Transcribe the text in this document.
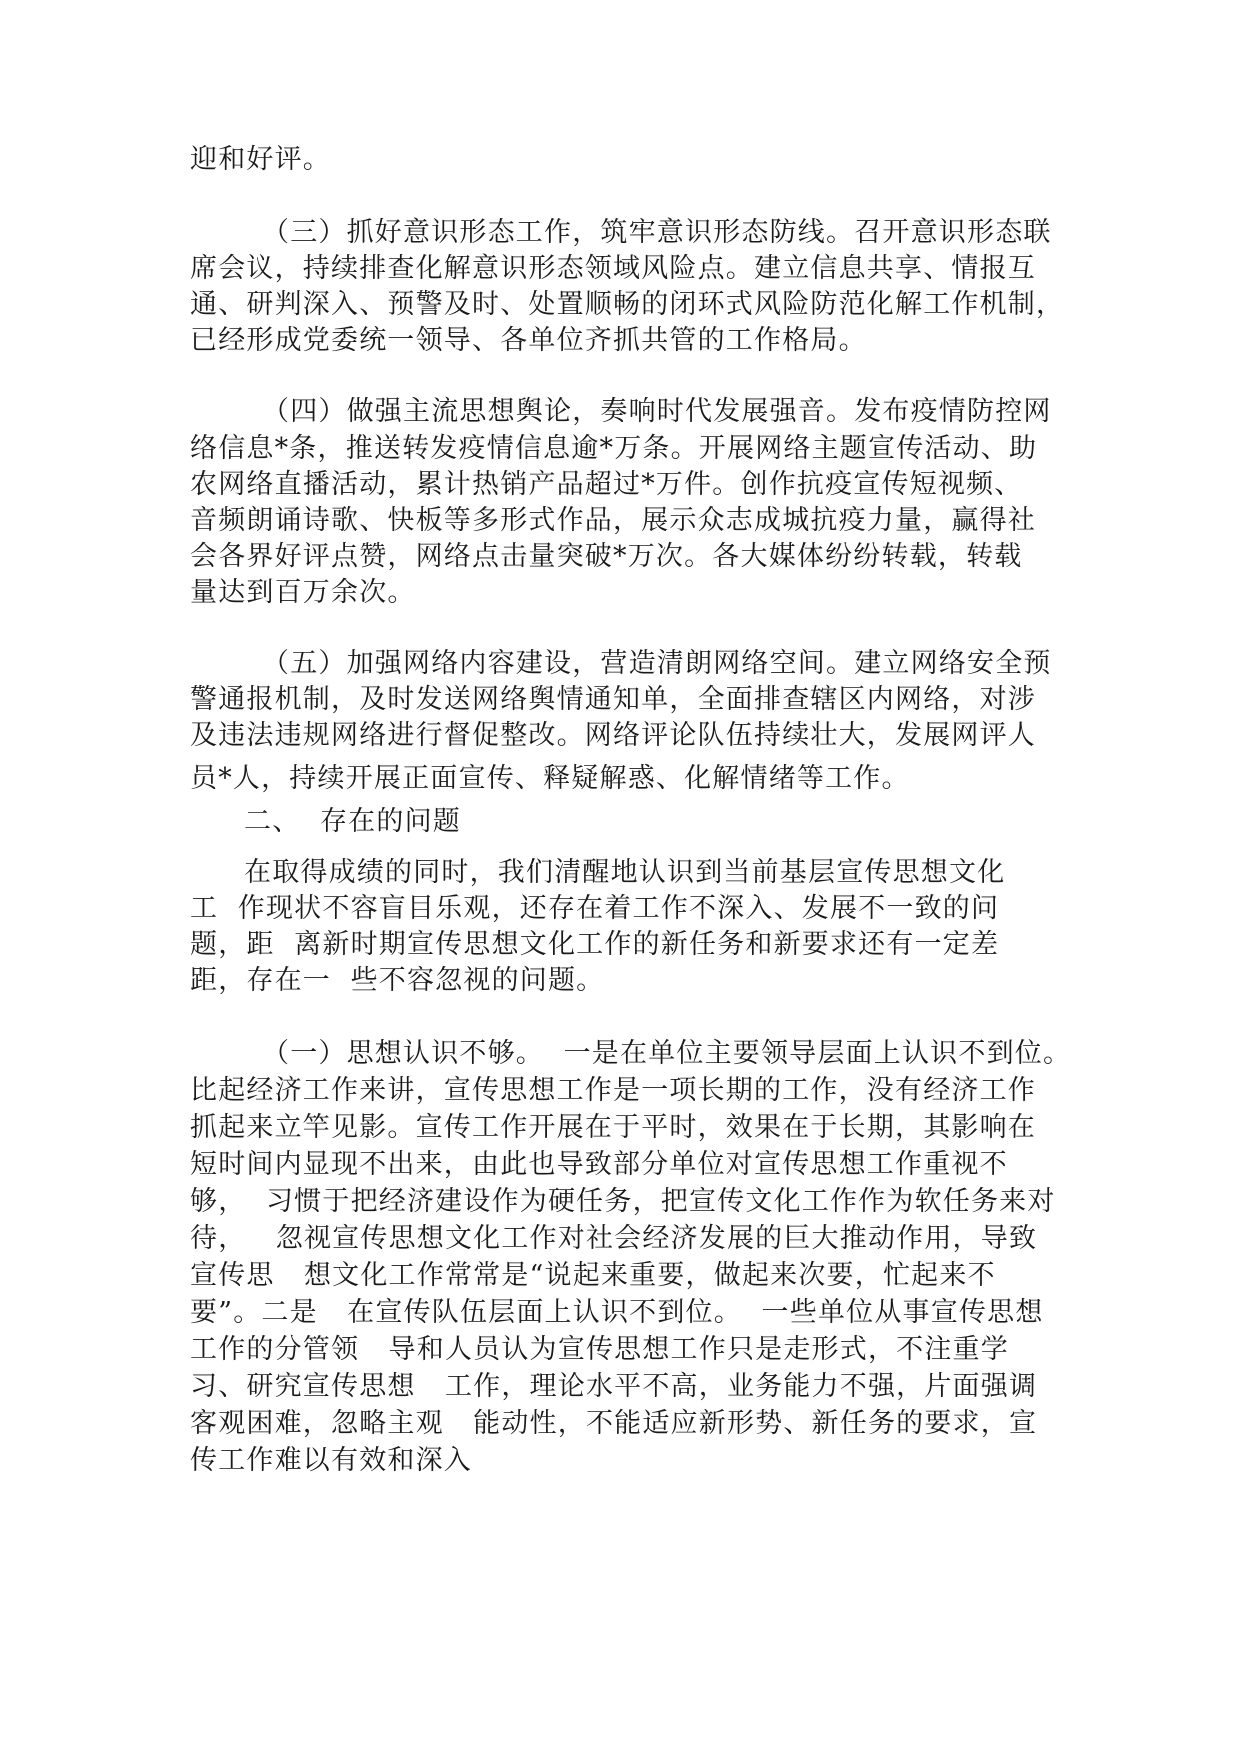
迎和好评。
（三）抓好意识形态工作，筑牢意识形态防线。召开意识形态联
席会议，持续排查化解意识形态领域风险点。建立信息共享、情报互
通、研判深入、预警及时、处置顺畅的闭环式风险防范化解工作机制，
已经形成党委统一领导、各单位齐抓共管的工作格局。
（四）做强主流思想舆论，奏响时代发展强音。发布疫情防控网
络信息*条，推送转发疫情信息逾*万条。开展网络主题宣传活动、助
农网络直播活动，累计热销产品超过*万件。创作抗疫宣传短视频、
音频朗诵诗歌、快板等多形式作品，展示众志成城抗疫力量，赢得社
会各界好评点赞，网络点击量突破*万次。各大媒体纷纷转载，转载
量达到百万余次。
（五）加强网络内容建设，营造清朗网络空间。建立网络安全预
警通报机制，及时发送网络舆情通知单，全面排查辖区内网络，对涉
及违法违规网络进行督促整改。网络评论队伍持续壮大，发展网评人
员*人，持续开展正面宣传、释疑解惑、化解情绪等工作。
二、  存在的问题
在取得成绩的同时，我们清醒地认识到当前基层宣传思想文化
工  作现状不容盲目乐观，还存在着工作不深入、发展不一致的问
题，距  离新时期宣传思想文化工作的新任务和新要求还有一定差
距，存在一  些不容忽视的问题。
（一）思想认识不够。  一是在单位主要领导层面上认识不到位。
比起经济工作来讲，宣传思想工作是一项长期的工作，没有经济工作
抓起来立竿见影。宣传工作开展在于平时，效果在于长期，其影响在
短时间内显现不出来，由此也导致部分单位对宣传思想工作重视不
够，  习惯于把经济建设作为硬任务，把宣传文化工作作为软任务来对
待，   忽视宣传思想文化工作对社会经济发展的巨大推动作用，导致
宣传思   想文化工作常常是“说起来重要，做起来次要，忙起来不
要”。二是   在宣传队伍层面上认识不到位。  一些单位从事宣传思想
工作的分管领   导和人员认为宣传思想工作只是走形式，不注重学
习、研究宣传思想   工作，理论水平不高，业务能力不强，片面强调
客观困难，忽略主观   能动性，不能适应新形势、新任务的要求，宣
传工作难以有效和深入
